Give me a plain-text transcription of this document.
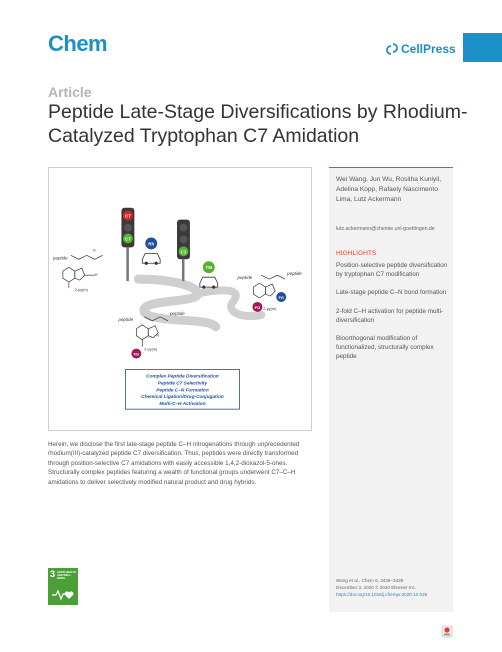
Chem	CellPress
Article
Peptide Late-Stage Diversifications by Rhodium-Catalyzed Tryptophan C7 Amidation
C7
C7
C2
Rh
TM
peptide
H
2-py(m)
O
peptide
peptide
FG
FG 2-py(m)
peptide
peptide
N
FG
2-py(m)
Complex Peptide Diversification
Peptide C7 Selectivity
Peptide C–N Formation
Chemical Ligation/Drug-Conjugation
Multi-C–H Activation

Herein, we disclose the first late-stage peptide C–H nitrogenations through unprecedented rhodium(III)-catalyzed peptide C7 diversification. Thus, peptides were directly transformed through position-selective C7 amidations with easily accessible 1,4,2-dioxazol-5-ones. Structurally complex peptides featuring a wealth of functional groups underwent C7–C–H amidations to deliver selectively modified natural product and drug hybrids.

3 GOOD HEALTH AND WELL-BEING

Wei Wang, Jun Wu, Rositha Kuniyil, Adelina Kopp, Rafaely Nascimento Lima, Lutz Ackermann

lutz.ackermann@chemie.uni-goettingen.de
HIGHLIGHTS
Position-selective peptide diversification by tryptophan C7 modification
Late-stage peptide C–N bond formation
2-fold C–H activation for peptide multi-diversification
Bioorthogonal modification of functionalized, structurally complex peptide
Wang et al., Chem 6, 3428–3439
December 3, 2020 © 2020 Elsevier Inc.
https://doi.org/10.1016/j.chempr.2020.10.026
